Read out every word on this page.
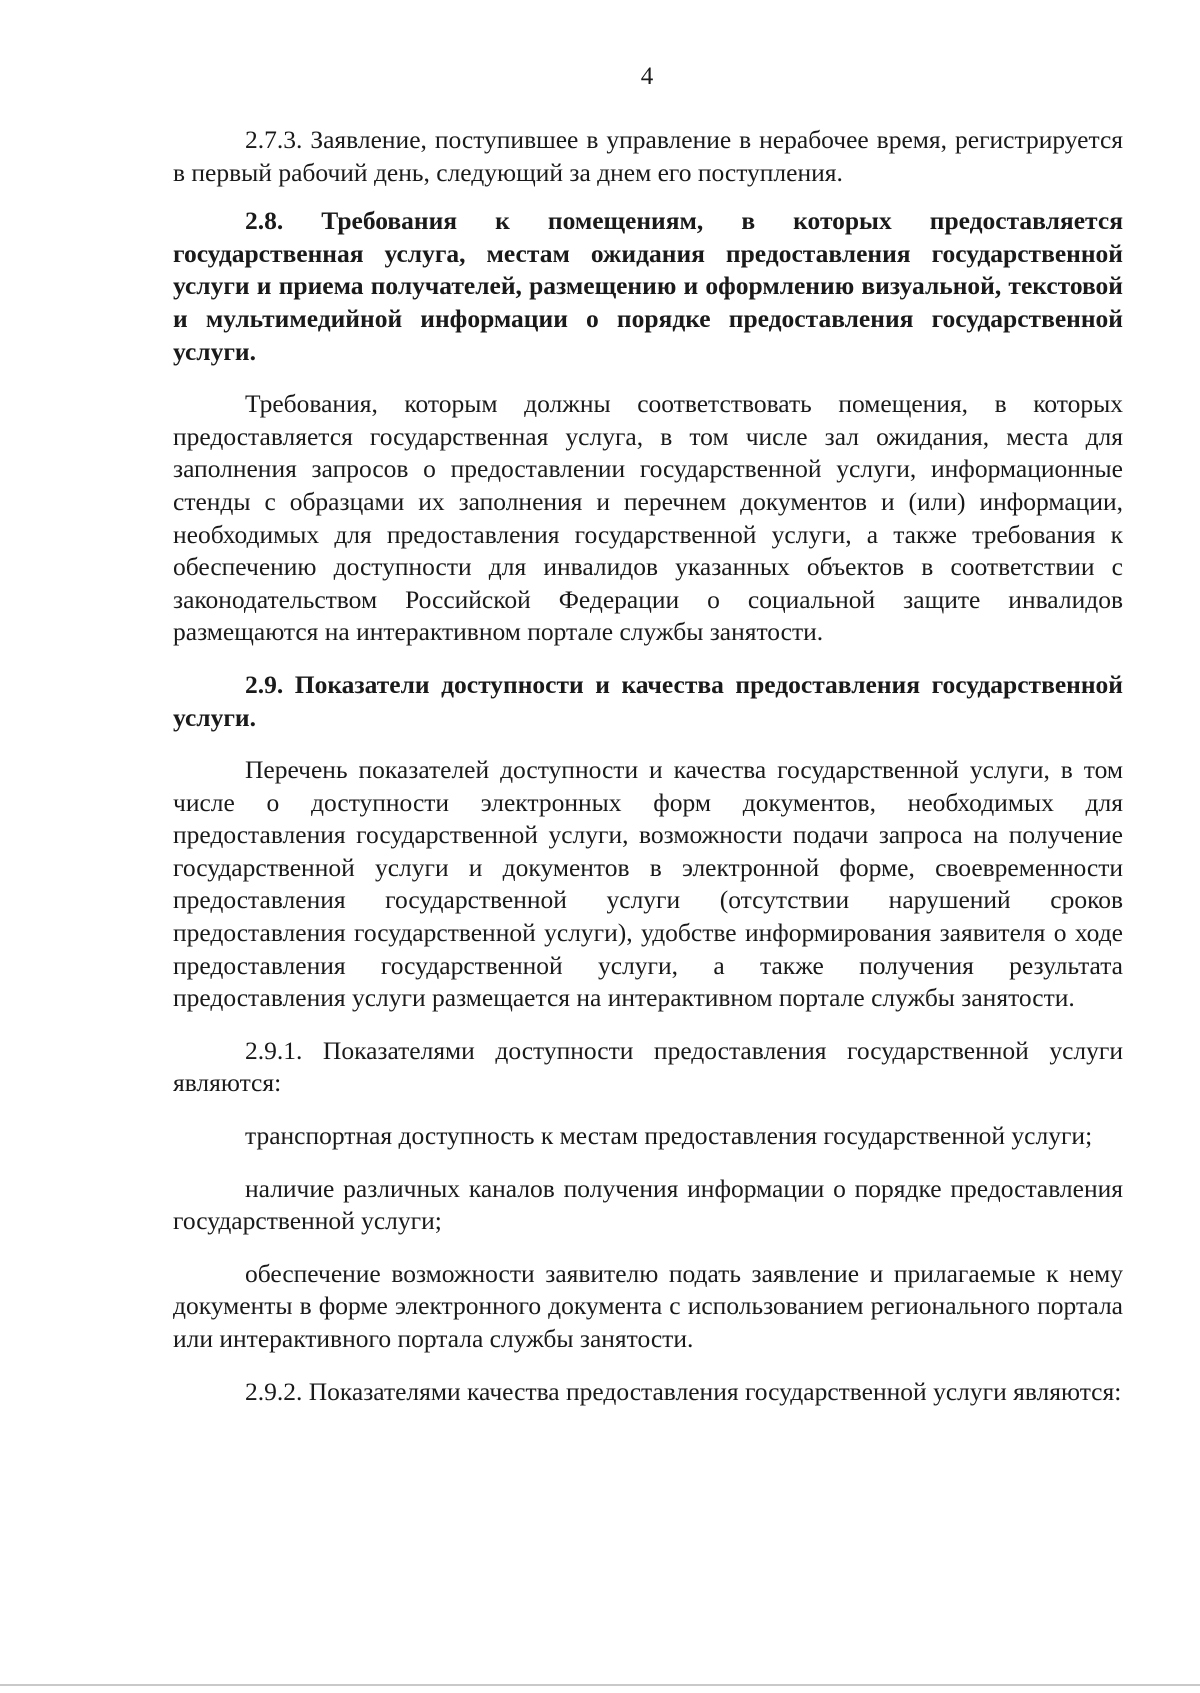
4

2.7.3. Заявление, поступившее в управление в нерабочее время, регистрируется в первый рабочий день, следующий за днем его поступления.

2.8. Требования к помещениям, в которых предоставляется государственная услуга, местам ожидания предоставления государственной услуги и приема получателей, размещению и оформлению визуальной, текстовой и мультимедийной информации о порядке предоставления государственной услуги.

Требования, которым должны соответствовать помещения, в которых предоставляется государственная услуга, в том числе зал ожидания, места для заполнения запросов о предоставлении государственной услуги, информационные стенды с образцами их заполнения и перечнем документов и (или) информации, необходимых для предоставления государственной услуги, а также требования к обеспечению доступности для инвалидов указанных объектов в соответствии с законодательством Российской Федерации о социальной защите инвалидов размещаются на интерактивном портале службы занятости.

2.9. Показатели доступности и качества предоставления государственной услуги.

Перечень показателей доступности и качества государственной услуги, в том числе о доступности электронных форм документов, необходимых для предоставления государственной услуги, возможности подачи запроса на получение государственной услуги и документов в электронной форме, своевременности предоставления государственной услуги (отсутствии нарушений сроков предоставления государственной услуги), удобстве информирования заявителя о ходе предоставления государственной услуги, а также получения результата предоставления услуги размещается на интерактивном портале службы занятости.

2.9.1. Показателями доступности предоставления государственной услуги являются:

транспортная доступность к местам предоставления государственной услуги;

наличие различных каналов получения информации о порядке предоставления государственной услуги;

обеспечение возможности заявителю подать заявление и прилагаемые к нему документы в форме электронного документа с использованием регионального портала или интерактивного портала службы занятости.

2.9.2. Показателями качества предоставления государственной услуги являются:
